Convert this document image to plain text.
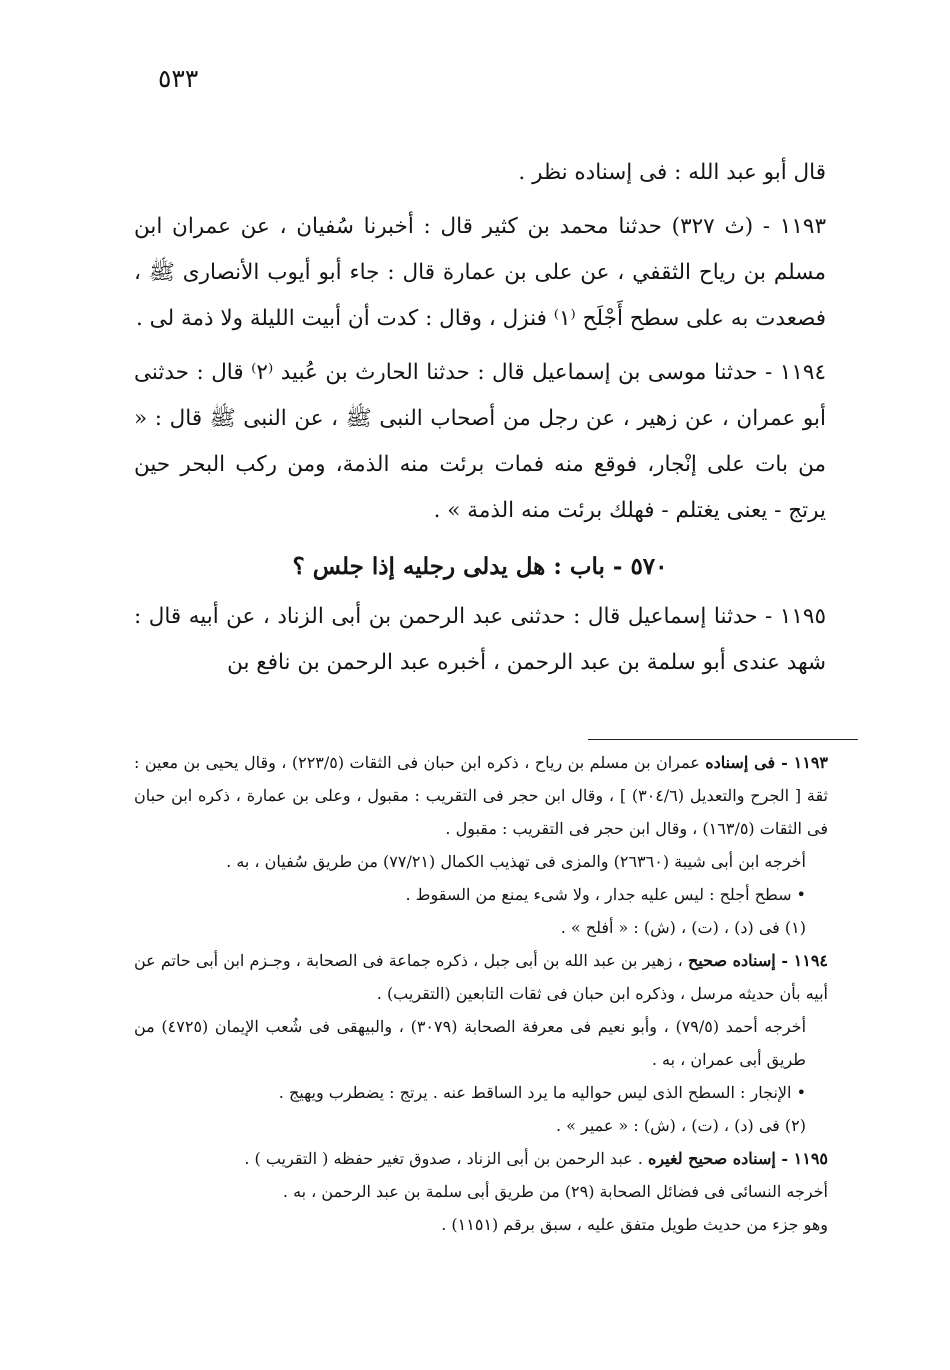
٥٣٣

قال أبو عبد الله : فى إسناده نظر .

١١٩٣ - (ث ٣٢٧) حدثنا محمد بن كثير قال : أخبرنا سُفيان ، عن عمران ابن مسلم بن رياح الثقفي ، عن على بن عمارة قال : جاء أبو أيوب الأنصارى ﷺ ، فصعدت به على سطح أَجْلَح ⁽١⁾ فنزل ، وقال : كدت أن أبيت الليلة ولا ذمة لى .

١١٩٤ - حدثنا موسى بن إسماعيل قال : حدثنا الحارث بن عُبيد ⁽٢⁾ قال : حدثنى أبو عمران ، عن زهير ، عن رجل من أصحاب النبى ﷺ ، عن النبى ﷺ قال : « من بات على إنْجار، فوقع منه فمات برئت منه الذمة، ومن ركب البحر حين يرتج - يعنى يغتلم - فهلك برئت منه الذمة » .

٥٧٠ - باب : هل يدلى رجليه إذا جلس ؟

١١٩٥ - حدثنا إسماعيل قال : حدثنى عبد الرحمن بن أبى الزناد ، عن أبيه قال : شهد عندى أبو سلمة بن عبد الرحمن ، أخبره عبد الرحمن بن نافع بن

١١٩٣ - فى إسناده عمران بن مسلم بن رياح ، ذكره ابن حبان فى الثقات (٢٢٣/٥) ، وقال يحيى بن معين : ثقة [ الجرح والتعديل (٣٠٤/٦) ] ، وقال ابن حجر فى التقريب : مقبول ، وعلى بن عمارة ، ذكره ابن حبان فى الثقات (١٦٣/٥) ، وقال ابن حجر فى التقريب : مقبول .

أخرجه ابن أبى شيبة (٢٦٣٦٠) والمزى فى تهذيب الكمال (٧٧/٢١) من طريق سُفيان ، به .

• سطح أجلح : ليس عليه جدار ، ولا شىء يمنع من السقوط .

(١) فى (د) ، (ت) ، (ش) : « أفلح » .

١١٩٤ - إسناده صحيح ، زهير بن عبد الله بن أبى جبل ، ذكره جماعة فى الصحابة ، وجـزم ابن أبى حاتم عن أبيه بأن حديثه مرسل ، وذكره ابن حبان فى ثقات التابعين (التقريب) .

أخرجه أحمد (٧٩/٥) ، وأبو نعيم فى معرفة الصحابة (٣٠٧٩) ، والبيهقى فى شُعب الإيمان (٤٧٢٥) من طريق أبى عمران ، به .

• الإنجار : السطح الذى ليس حواليه ما يرد الساقط عنه . يرتج : يضطرب ويهيج .

(٢) فى (د) ، (ت) ، (ش) : « عمير » .

١١٩٥ - إسناده صحيح لغيره . عبد الرحمن بن أبى الزناد ، صدوق تغير حفظه ( التقريب ) .

أخرجه النسائى فى فضائل الصحابة (٢٩) من طريق أبى سلمة بن عبد الرحمن ، به .

وهو جزء من حديث طويل متفق عليه ، سبق برقم (١١٥١) .
